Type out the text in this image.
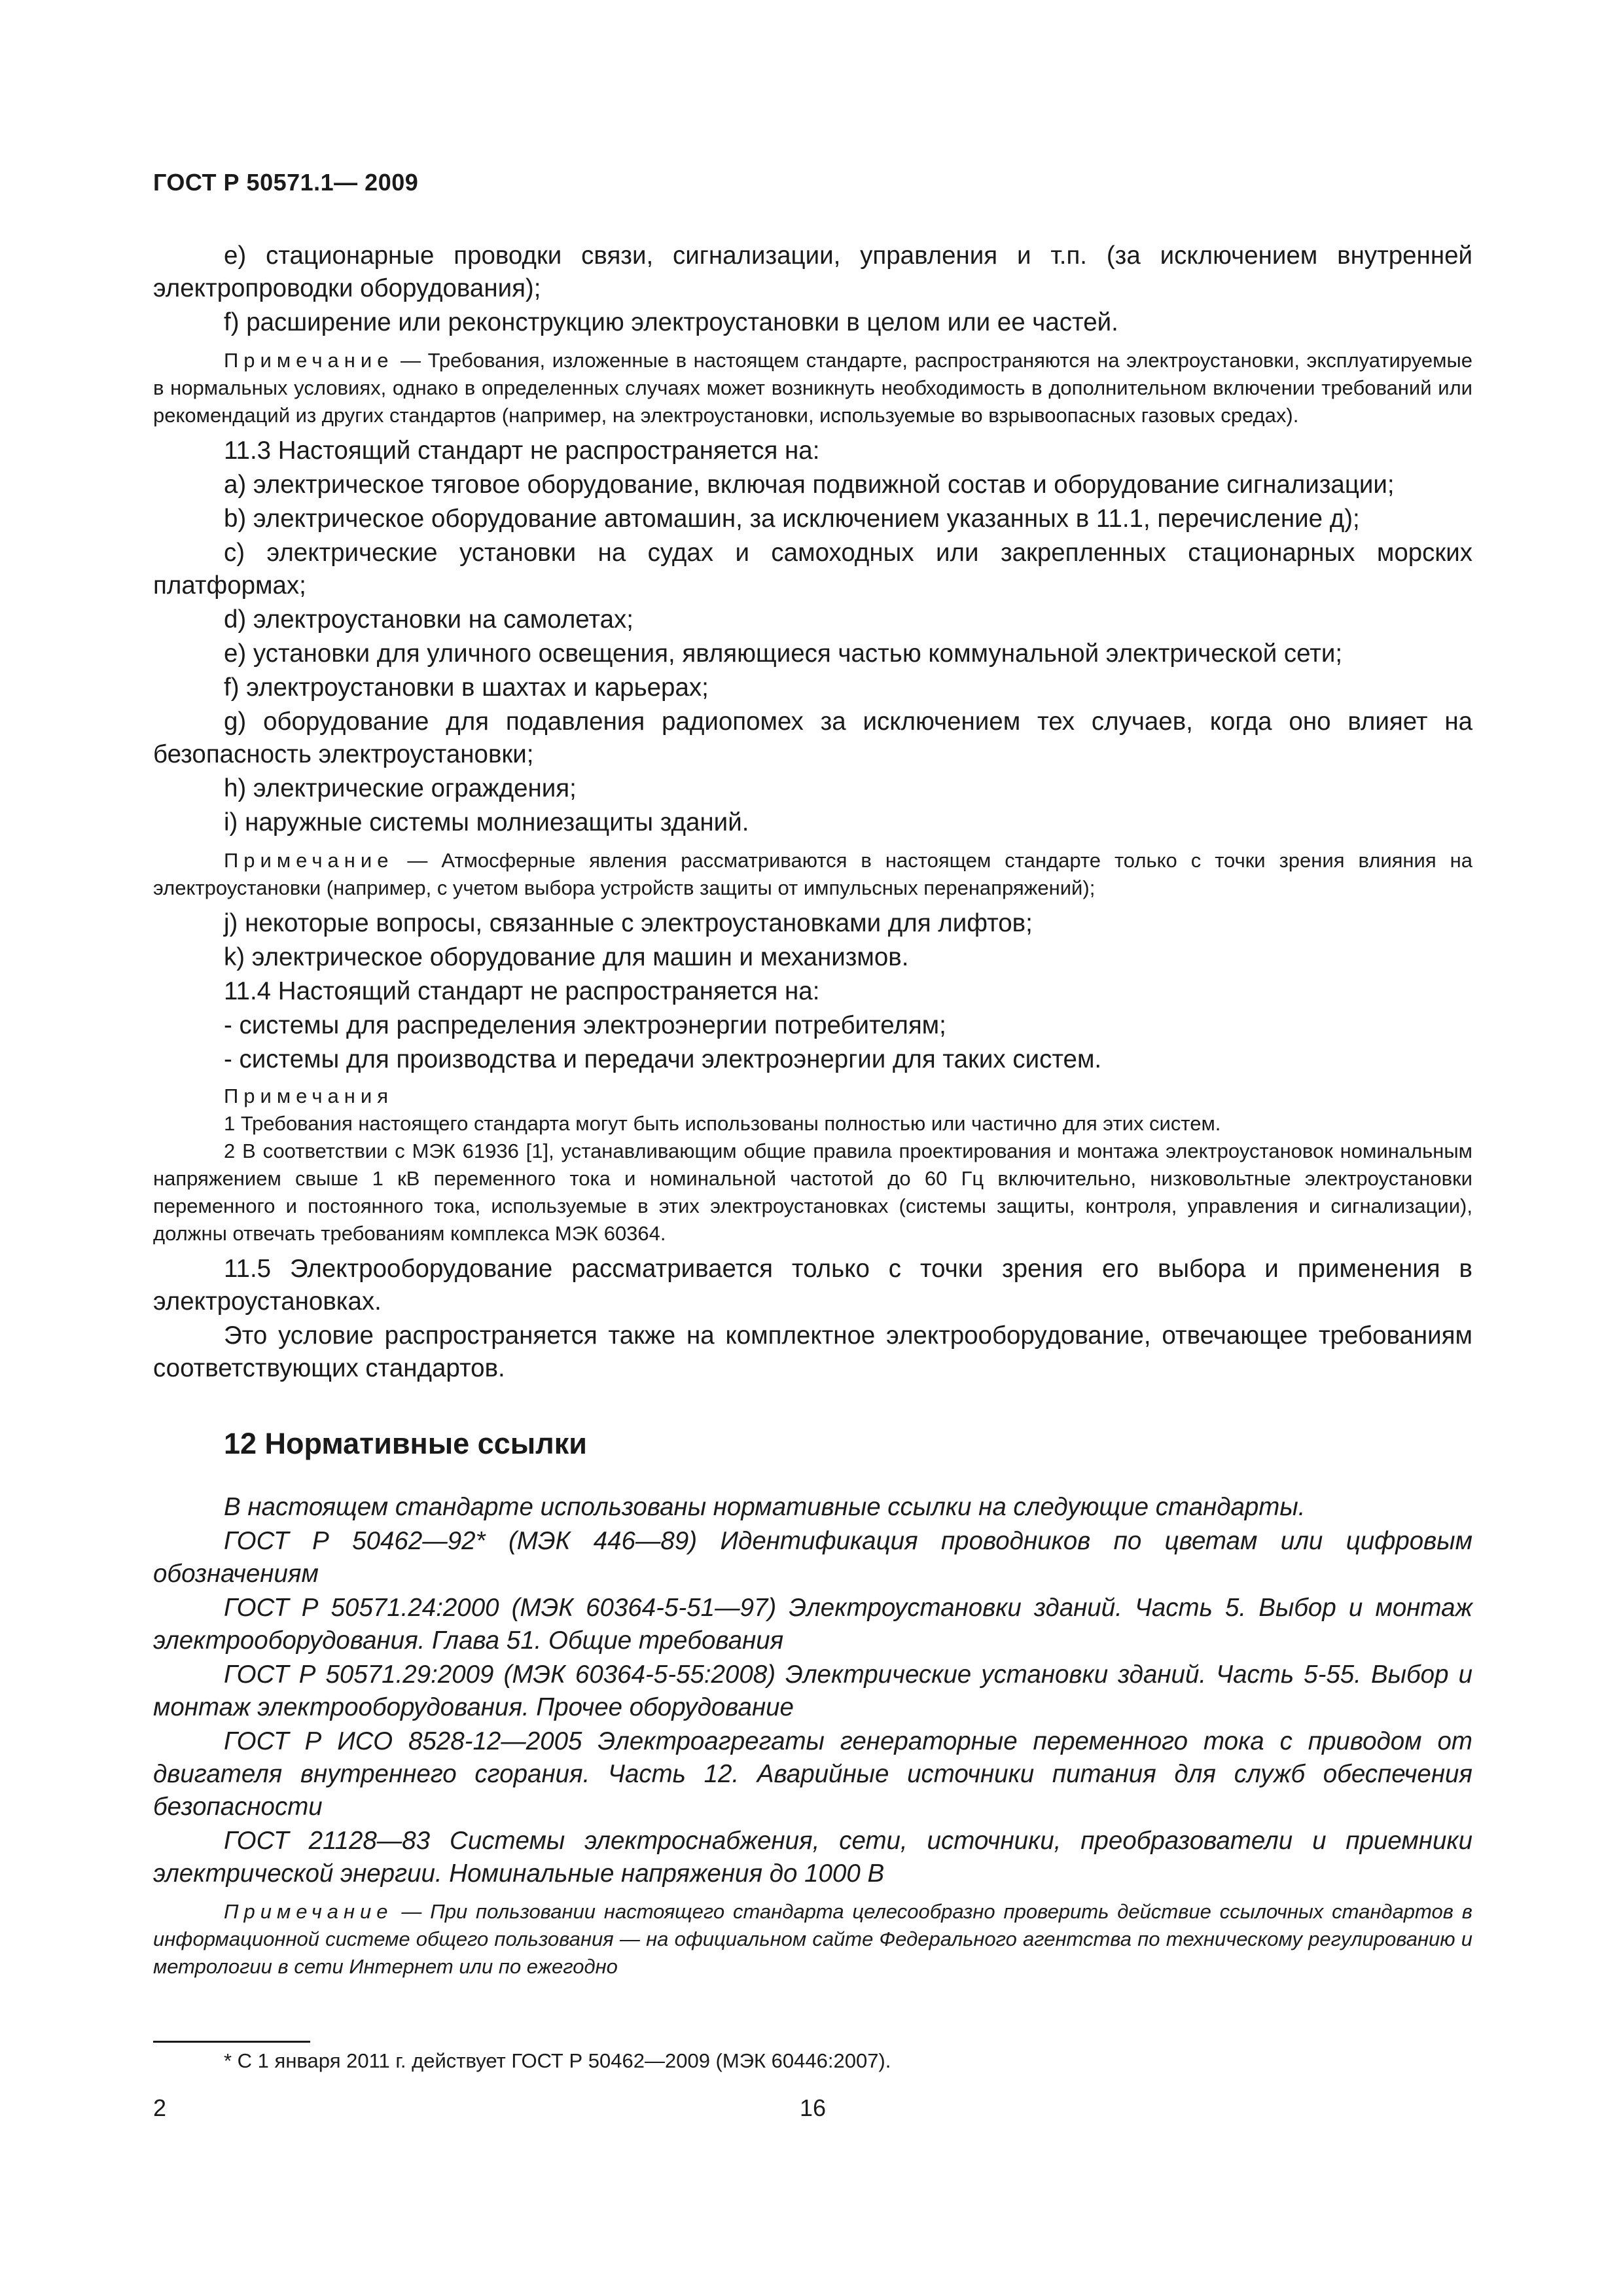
ГОСТ Р 50571.1— 2009

e) стационарные проводки связи, сигнализации, управления и т.п. (за исключением внутренней электропроводки оборудования);

f) расширение или реконструкцию электроустановки в целом или ее частей.

Примечание — Требования, изложенные в настоящем стандарте, распространяются на электроустановки, эксплуатируемые в нормальных условиях, однако в определенных случаях может возникнуть необходимость в дополнительном включении требований или рекомендаций из других стандартов (например, на электроустановки, используемые во взрывоопасных газовых средах).

11.3 Настоящий стандарт не распространяется на:

a) электрическое тяговое оборудование, включая подвижной состав и оборудование сигнализации;

b) электрическое оборудование автомашин, за исключением указанных в 11.1, перечисление д);

c) электрические установки на судах и самоходных или закрепленных стационарных морских платформах;

d) электроустановки на самолетах;

e) установки для уличного освещения, являющиеся частью коммунальной электрической сети;

f) электроустановки в шахтах и карьерах;

g) оборудование для подавления радиопомех за исключением тех случаев, когда оно влияет на безопасность электроустановки;

h) электрические ограждения;

i) наружные системы молниезащиты зданий.

Примечание — Атмосферные явления рассматриваются в настоящем стандарте только с точки зрения влияния на электроустановки (например, с учетом выбора устройств защиты от импульсных перенапряжений);

j) некоторые вопросы, связанные с электроустановками для лифтов;

k) электрическое оборудование для машин и механизмов.

11.4 Настоящий стандарт не распространяется на:

- системы для распределения электроэнергии потребителям;

- системы для производства и передачи электроэнергии для таких систем.

Примечания

1 Требования настоящего стандарта могут быть использованы полностью или частично для этих систем.

2 В соответствии с МЭК 61936 [1], устанавливающим общие правила проектирования и монтажа электроустановок номинальным напряжением свыше 1 кВ переменного тока и номинальной частотой до 60 Гц включительно, низковольтные электроустановки переменного и постоянного тока, используемые в этих электроустановках (системы защиты, контроля, управления и сигнализации), должны отвечать требованиям комплекса МЭК 60364.

11.5 Электрооборудование рассматривается только с точки зрения его выбора и применения в электроустановках.

Это условие распространяется также на комплектное электрооборудование, отвечающее требованиям соответствующих стандартов.

12 Нормативные ссылки

В настоящем стандарте использованы нормативные ссылки на следующие стандарты.

ГОСТ Р 50462—92* (МЭК 446—89) Идентификация проводников по цветам или цифровым обозначениям

ГОСТ Р 50571.24:2000 (МЭК 60364-5-51—97) Электроустановки зданий. Часть 5. Выбор и монтаж электрооборудования. Глава 51. Общие требования

ГОСТ Р 50571.29:2009 (МЭК 60364-5-55:2008) Электрические установки зданий. Часть 5-55. Выбор и монтаж электрооборудования. Прочее оборудование

ГОСТ Р ИСО 8528-12—2005 Электроагрегаты генераторные переменного тока с приводом от двигателя внутреннего сгорания. Часть 12. Аварийные источники питания для служб обеспечения безопасности

ГОСТ 21128—83 Системы электроснабжения, сети, источники, преобразователи и приемники электрической энергии. Номинальные напряжения до 1000 В

Примечание — При пользовании настоящего стандарта целесообразно проверить действие ссылочных стандартов в информационной системе общего пользования — на официальном сайте Федерального агентства по техническому регулированию и метрологии в сети Интернет или по ежегодно

* С 1 января 2011 г. действует ГОСТ Р 50462—2009 (МЭК 60446:2007).
2	16
